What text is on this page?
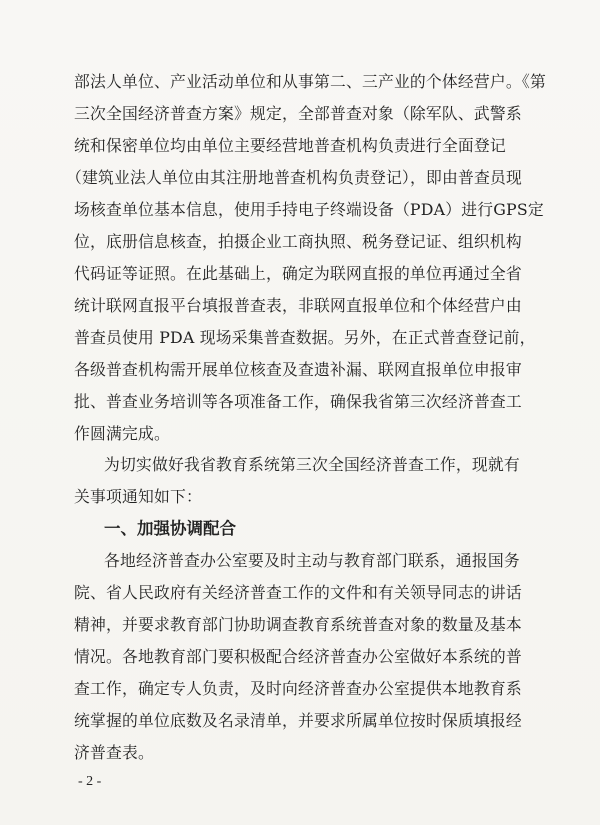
部法人单位、产业活动单位和从事第二、三产业的个体经营户。《第
三次全国经济普查方案》规定，全部普查对象（除军队、武警系
统和保密单位均由单位主要经营地普查机构负责进行全面登记
（建筑业法人单位由其注册地普查机构负责登记），即由普查员现
场核查单位基本信息，使用手持电子终端设备（PDA）进行GPS定
位，底册信息核查，拍摄企业工商执照、税务登记证、组织机构
代码证等证照。在此基础上，确定为联网直报的单位再通过全省
统计联网直报平台填报普查表，非联网直报单位和个体经营户由
普查员使用 PDA 现场采集普查数据。另外，在正式普查登记前，
各级普查机构需开展单位核查及查遗补漏、联网直报单位申报审
批、普查业务培训等各项准备工作，确保我省第三次经济普查工
作圆满完成。
为切实做好我省教育系统第三次全国经济普查工作，现就有
关事项通知如下：
一、加强协调配合
各地经济普查办公室要及时主动与教育部门联系，通报国务
院、省人民政府有关经济普查工作的文件和有关领导同志的讲话
精神，并要求教育部门协助调查教育系统普查对象的数量及基本
情况。各地教育部门要积极配合经济普查办公室做好本系统的普
查工作，确定专人负责，及时向经济普查办公室提供本地教育系
统掌握的单位底数及名录清单，并要求所属单位按时保质填报经
济普查表。
- 2 -
